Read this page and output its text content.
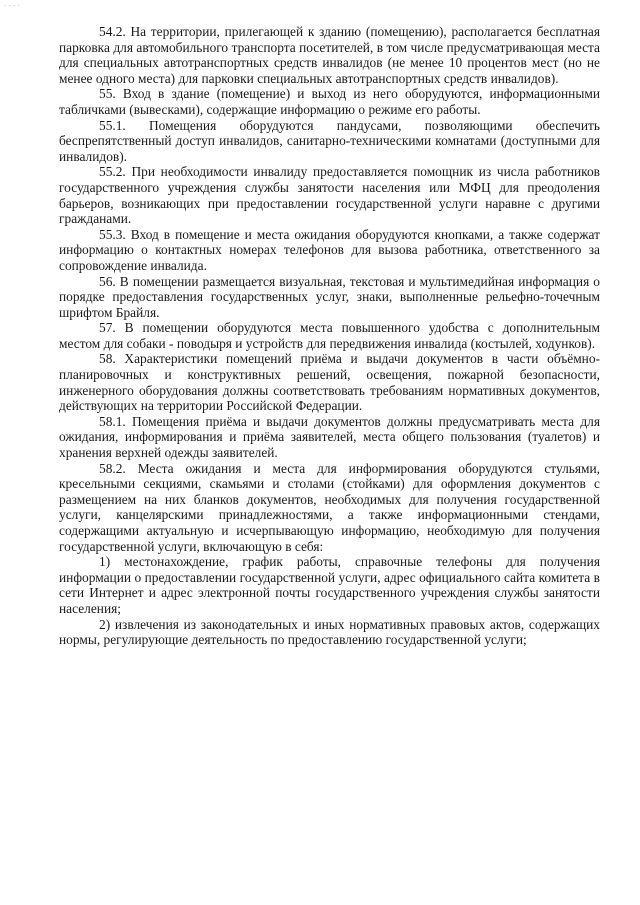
· · · ·

54.2. На территории, прилегающей к зданию (помещению), располагается бесплатная парковка для автомобильного транспорта посетителей, в том числе предусматривающая места для специальных автотранспортных средств инвалидов (не менее 10 процентов мест (но не менее одного места) для парковки специальных автотранспортных средств инвалидов).

55. Вход в здание (помещение) и выход из него оборудуются, информационными табличками (вывесками), содержащие информацию о режиме его работы.

55.1. Помещения оборудуются пандусами, позволяющими обеспечить беспрепятственный доступ инвалидов, санитарно-техническими комнатами (доступными для инвалидов).

55.2. При необходимости инвалиду предоставляется помощник из числа работников государственного учреждения службы занятости населения или МФЦ для преодоления барьеров, возникающих при предоставлении государственной услуги наравне с другими гражданами.

55.3. Вход в помещение и места ожидания оборудуются кнопками, а также содержат информацию о контактных номерах телефонов для вызова работника, ответственного за сопровождение инвалида.

56. В помещении размещается визуальная, текстовая и мультимедийная информация о порядке предоставления государственных услуг, знаки, выполненные рельефно-точечным шрифтом Брайля.

57. В помещении оборудуются места повышенного удобства с дополнительным местом для собаки - поводыря и устройств для передвижения инвалида (костылей, ходунков).

58. Характеристики помещений приёма и выдачи документов в части объёмно-планировочных и конструктивных решений, освещения, пожарной безопасности, инженерного оборудования должны соответствовать требованиям нормативных документов, действующих на территории Российской Федерации.

58.1. Помещения приёма и выдачи документов должны предусматривать места для ожидания, информирования и приёма заявителей, места общего пользования (туалетов) и хранения верхней одежды заявителей.

58.2. Места ожидания и места для информирования оборудуются стульями, кресельными секциями, скамьями и столами (стойками) для оформления документов с размещением на них бланков документов, необходимых для получения государственной услуги, канцелярскими принадлежностями, а также информационными стендами, содержащими актуальную и исчерпывающую информацию, необходимую для получения государственной услуги, включающую в себя:

1) местонахождение, график работы, справочные телефоны для получения информации о предоставлении государственной услуги, адрес официального сайта комитета в сети Интернет и адрес электронной почты государственного учреждения службы занятости населения;

2) извлечения из законодательных и иных нормативных правовых актов, содержащих нормы, регулирующие деятельность по предоставлению государственной услуги;
